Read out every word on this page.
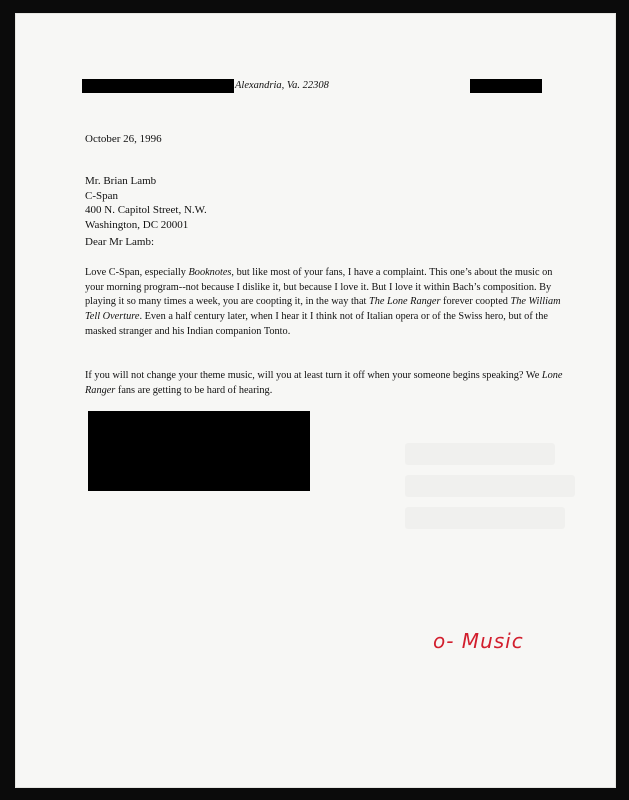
Alexandria, Va. 22308
October 26, 1996
Mr. Brian Lamb
C-Span
400 N. Capitol Street, N.W.
Washington, DC 20001
Dear Mr Lamb:
Love C-Span, especially Booknotes, but like most of your fans, I have a complaint. This one’s about the music on your morning program--not because I dislike it, but because I love it. But I love it within Bach’s composition. By playing it so many times a week, you are coopting it, in the way that The Lone Ranger forever coopted The William Tell Overture. Even a half century later, when I hear it I think not of Italian opera or of the Swiss hero, but of the masked stranger and his Indian companion Tonto.
If you will not change your theme music, will you at least turn it off when your someone begins speaking? We Lone Ranger fans are getting to be hard of hearing.
o- Music
